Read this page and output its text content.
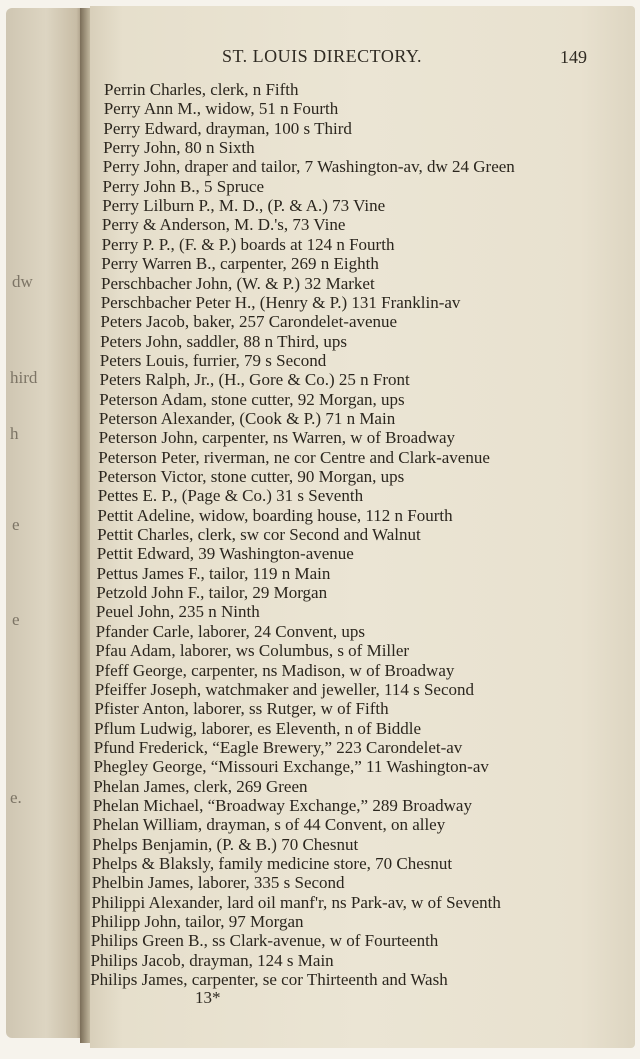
dw
hird
h
e
e
e.
ST. LOUIS DIRECTORY.	149
Perrin Charles, clerk, n Fifth
Perry Ann M., widow, 51 n Fourth
Perry Edward, drayman, 100 s Third
Perry John, 80 n Sixth
Perry John, draper and tailor, 7 Washington-av, dw 24 Green
Perry John B., 5 Spruce
Perry Lilburn P., M. D., (P. & A.) 73 Vine
Perry & Anderson, M. D.'s, 73 Vine
Perry P. P., (F. & P.) boards at 124 n Fourth
Perry Warren B., carpenter, 269 n Eighth
Perschbacher John, (W. & P.) 32 Market
Perschbacher Peter H., (Henry & P.) 131 Franklin-av
Peters Jacob, baker, 257 Carondelet-avenue
Peters John, saddler, 88 n Third, ups
Peters Louis, furrier, 79 s Second
Peters Ralph, Jr., (H., Gore & Co.) 25 n Front
Peterson Adam, stone cutter, 92 Morgan, ups
Peterson Alexander, (Cook & P.) 71 n Main
Peterson John, carpenter, ns Warren, w of Broadway
Peterson Peter, riverman, ne cor Centre and Clark-avenue
Peterson Victor, stone cutter, 90 Morgan, ups
Pettes E. P., (Page & Co.) 31 s Seventh
Pettit Adeline, widow, boarding house, 112 n Fourth
Pettit Charles, clerk, sw cor Second and Walnut
Pettit Edward, 39 Washington-avenue
Pettus James F., tailor, 119 n Main
Petzold John F., tailor, 29 Morgan
Peuel John, 235 n Ninth
Pfander Carle, laborer, 24 Convent, ups
Pfau Adam, laborer, ws Columbus, s of Miller
Pfeff George, carpenter, ns Madison, w of Broadway
Pfeiffer Joseph, watchmaker and jeweller, 114 s Second
Pfister Anton, laborer, ss Rutger, w of Fifth
Pflum Ludwig, laborer, es Eleventh, n of Biddle
Pfund Frederick, “Eagle Brewery,” 223 Carondelet-av
Phegley George, “Missouri Exchange,” 11 Washington-av
Phelan James, clerk, 269 Green
Phelan Michael, “Broadway Exchange,” 289 Broadway
Phelan William, drayman, s of 44 Convent, on alley
Phelps Benjamin, (P. & B.) 70 Chesnut
Phelps & Blaksly, family medicine store, 70 Chesnut
Phelbin James, laborer, 335 s Second
Philippi Alexander, lard oil manf'r, ns Park-av, w of Seventh
Philipp John, tailor, 97 Morgan
Philips Green B., ss Clark-avenue, w of Fourteenth
Philips Jacob, drayman, 124 s Main
Philips James, carpenter, se cor Thirteenth and Wash
13*
